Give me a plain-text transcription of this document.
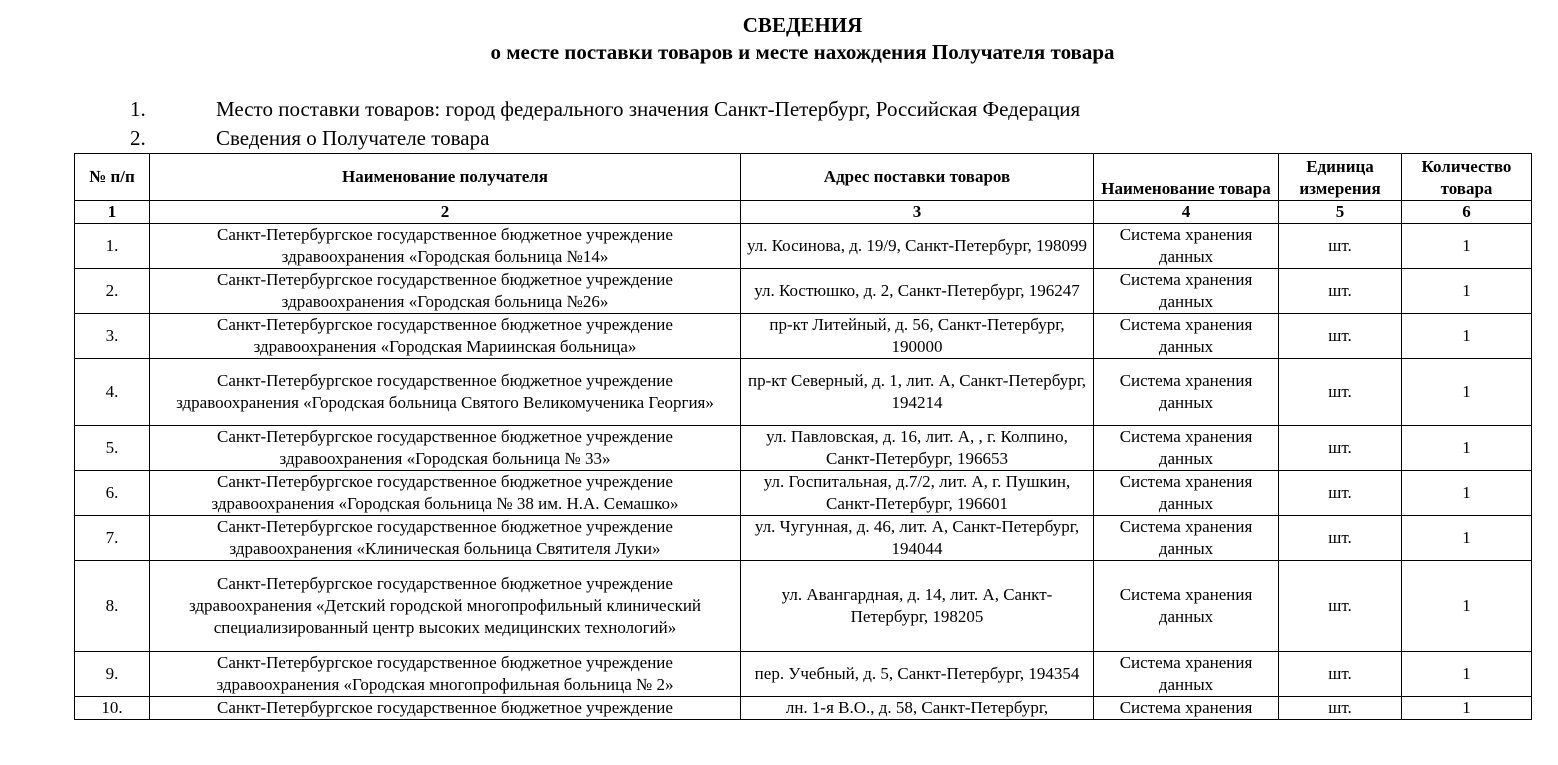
СВЕДЕНИЯ
о месте поставки товаров и месте нахождения Получателя товара
1.	Место поставки товаров: город федерального значения Санкт-Петербург, Российская Федерация
2.	Сведения о Получателе товара
№ п/п	Наименование получателя	Адрес поставки товаров	Наименование товара	Единица измерения	Количество товара
1	2	3	4	5	6
1.	Санкт-Петербургское государственное бюджетное учреждение здравоохранения «Городская больница №14»	ул. Косинова, д. 19/9, Санкт-Петербург, 198099	Система хранения данных	шт.	1
2.	Санкт-Петербургское государственное бюджетное учреждение здравоохранения «Городская больница №26»	ул. Костюшко, д. 2, Санкт-Петербург, 196247	Система хранения данных	шт.	1
3.	Санкт-Петербургское государственное бюджетное учреждение здравоохранения «Городская Мариинская больница»	пр-кт Литейный, д. 56, Санкт-Петербург, 190000	Система хранения данных	шт.	1
4.	Санкт-Петербургское государственное бюджетное учреждение здравоохранения «Городская больница Святого Великомученика Георгия»	пр-кт Северный, д. 1, лит. А, Санкт-Петербург, 194214	Система хранения данных	шт.	1
5.	Санкт-Петербургское государственное бюджетное учреждение здравоохранения «Городская больница № 33»	ул. Павловская, д. 16, лит. А, , г. Колпино, Санкт-Петербург, 196653	Система хранения данных	шт.	1
6.	Санкт-Петербургское государственное бюджетное учреждение здравоохранения «Городская больница № 38 им. Н.А. Семашко»	ул. Госпитальная, д.7/2, лит. А, г. Пушкин, Санкт-Петербург, 196601	Система хранения данных	шт.	1
7.	Санкт-Петербургское государственное бюджетное учреждение здравоохранения «Клиническая больница Святителя Луки»	ул. Чугунная, д. 46, лит. А, Санкт-Петербург, 194044	Система хранения данных	шт.	1
8.	Санкт-Петербургское государственное бюджетное учреждение здравоохранения «Детский городской многопрофильный клинический специализированный центр высоких медицинских технологий»	ул. Авангардная, д. 14, лит. А, Санкт-Петербург, 198205	Система хранения данных	шт.	1
9.	Санкт-Петербургское государственное бюджетное учреждение здравоохранения «Городская многопрофильная больница № 2»	пер. Учебный, д. 5, Санкт-Петербург, 194354	Система хранения данных	шт.	1

10.	Санкт-Петербургское государственное бюджетное учреждение	лн. 1-я В.О., д. 58, Санкт-Петербург,	Система хранения	шт.	1
